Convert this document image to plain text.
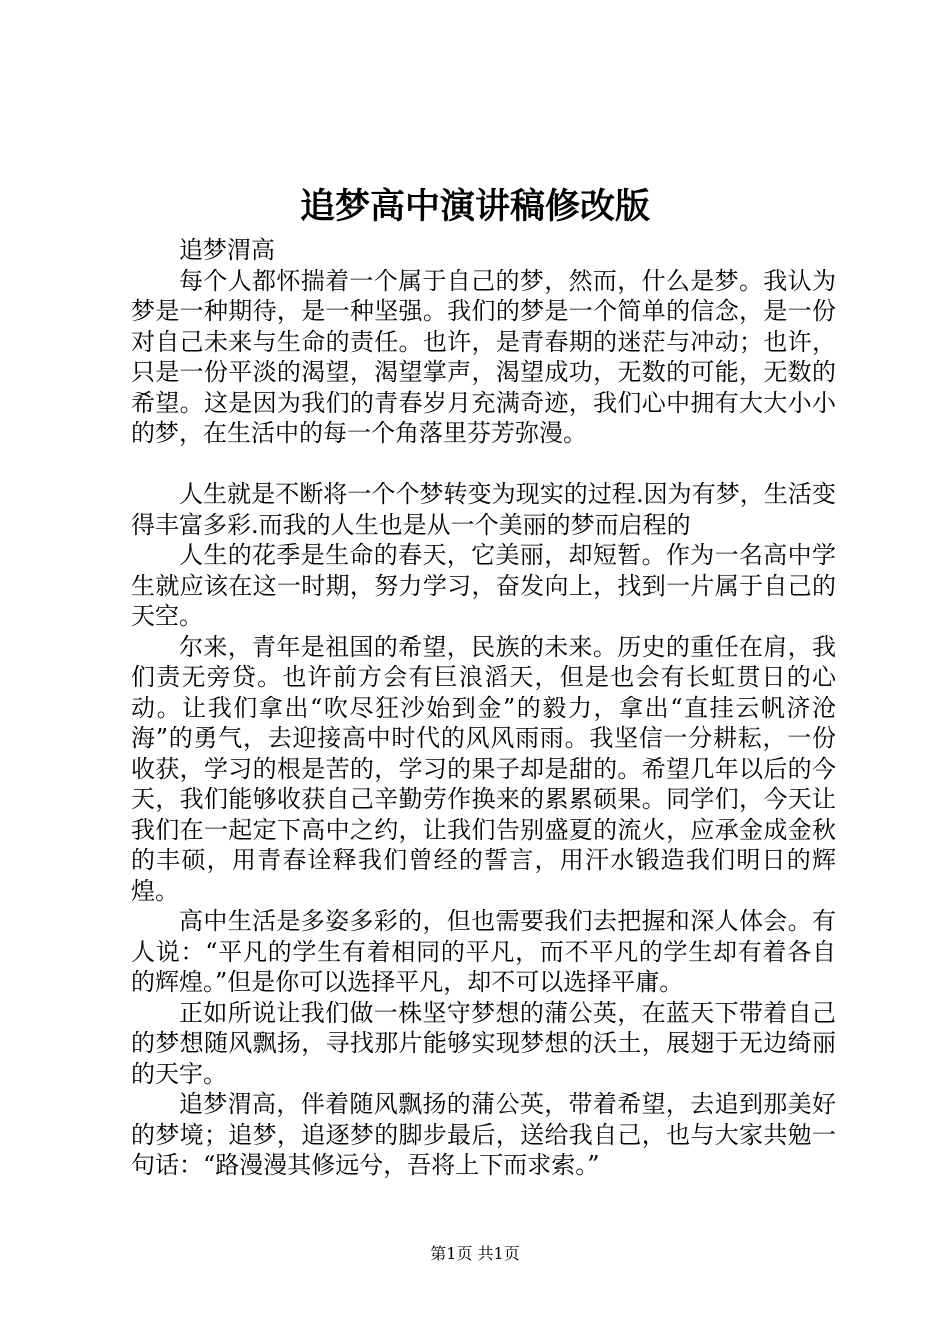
追梦高中演讲稿修改版

追梦渭高

每个人都怀揣着一个属于自己的梦，然而，什么是梦。我认为梦是一种期待，是一种坚强。我们的梦是一个简单的信念，是一份对自己未来与生命的责任。也许，是青春期的迷茫与冲动；也许，只是一份平淡的渴望，渴望掌声，渴望成功，无数的可能，无数的希望。这是因为我们的青春岁月充满奇迹，我们心中拥有大大小小的梦，在生活中的每一个角落里芬芳弥漫。

人生就是不断将一个个梦转变为现实的过程.因为有梦，生活变得丰富多彩.而我的人生也是从一个美丽的梦而启程的

人生的花季是生命的春天，它美丽，却短暂。作为一名高中学生就应该在这一时期，努力学习，奋发向上，找到一片属于自己的天空。

尔来，青年是祖国的希望，民族的未来。历史的重任在肩，我们责无旁贷。也许前方会有巨浪滔天，但是也会有长虹贯日的心动。让我们拿出“吹尽狂沙始到金”的毅力，拿出“直挂云帆济沧海”的勇气，去迎接高中时代的风风雨雨。我坚信一分耕耘，一份收获，学习的根是苦的，学习的果子却是甜的。希望几年以后的今天，我们能够收获自己辛勤劳作换来的累累硕果。同学们，今天让我们在一起定下高中之约，让我们告别盛夏的流火，应承金成金秋的丰硕，用青春诠释我们曾经的誓言，用汗水锻造我们明日的辉煌。

高中生活是多姿多彩的，但也需要我们去把握和深人体会。有人说：“平凡的学生有着相同的平凡，而不平凡的学生却有着各自的辉煌。”但是你可以选择平凡，却不可以选择平庸。

正如所说让我们做一株坚守梦想的蒲公英，在蓝天下带着自己的梦想随风飘扬，寻找那片能够实现梦想的沃土，展翅于无边绮丽的天宇。

追梦渭高，伴着随风飘扬的蒲公英，带着希望，去追到那美好的梦境；追梦，追逐梦的脚步最后，送给我自己，也与大家共勉一句话：“路漫漫其修远兮，吾将上下而求索。”

第1页 共1页
